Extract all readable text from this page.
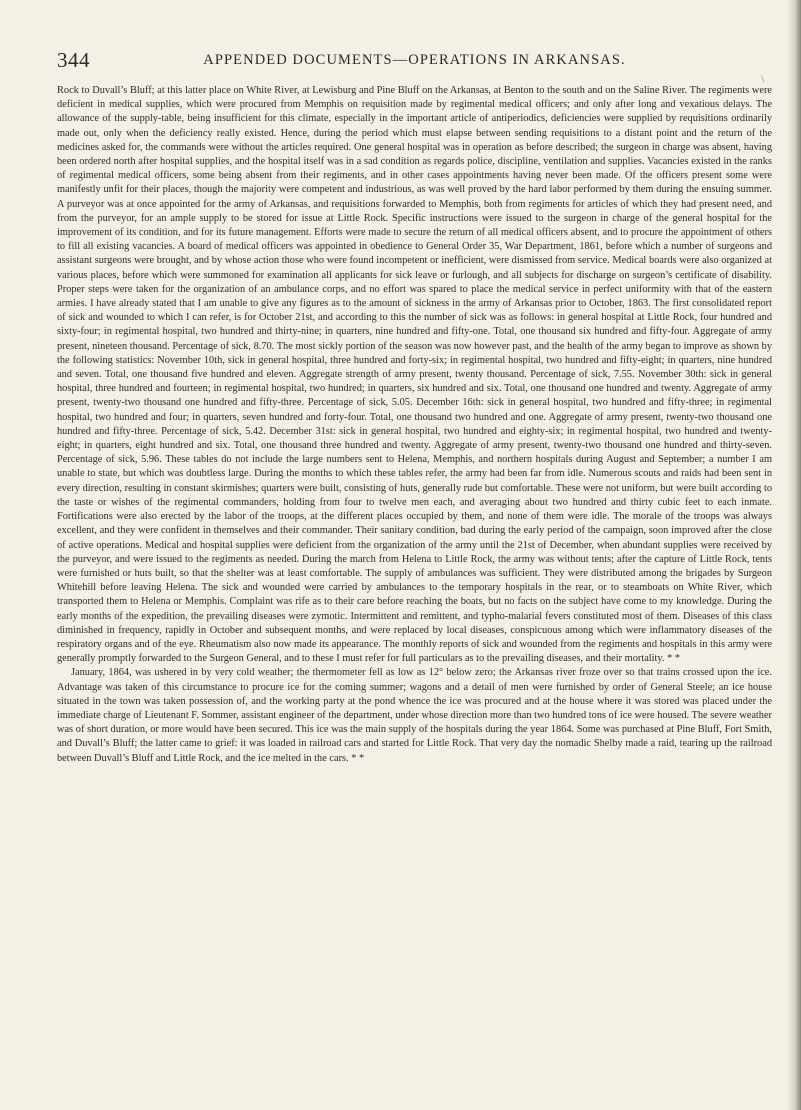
344	APPENDED DOCUMENTS—OPERATIONS IN ARKANSAS.
\

Rock to Duvall’s Bluff; at this latter place on White River, at Lewisburg and Pine Bluff on the Arkansas, at Benton to the south and on the Saline River. The regiments were deficient in medical supplies, which were procured from Memphis on requisition made by regimental medical officers; and only after long and vexatious delays. The allowance of the supply-table, being insufficient for this climate, especially in the important article of antiperiodics, deficiencies were supplied by requisitions ordinarily made out, only when the deficiency really existed. Hence, during the period which must elapse between sending requisitions to a distant point and the return of the medicines asked for, the commands were without the articles required. One general hospital was in operation as before described; the surgeon in charge was absent, having been ordered north after hospital supplies, and the hospital itself was in a sad condition as regards police, discipline, ventilation and supplies. Vacancies existed in the ranks of regimental medical officers, some being absent from their regiments, and in other cases appointments having never been made. Of the officers present some were manifestly unfit for their places, though the majority were competent and industrious, as was well proved by the hard labor performed by them during the ensuing summer. A purveyor was at once appointed for the army of Arkansas, and requisitions forwarded to Memphis, both from regiments for articles of which they had present need, and from the purveyor, for an ample supply to be stored for issue at Little Rock. Specific instructions were issued to the surgeon in charge of the general hospital for the improvement of its condition, and for its future management. Efforts were made to secure the return of all medical officers absent, and to procure the appointment of others to fill all existing vacancies. A board of medical officers was appointed in obedience to General Order 35, War Department, 1861, before which a number of surgeons and assistant surgeons were brought, and by whose action those who were found incompetent or inefficient, were dismissed from service. Medical boards were also organized at various places, before which were summoned for examination all applicants for sick leave or furlough, and all subjects for discharge on surgeon’s certificate of disability. Proper steps were taken for the organization of an ambulance corps, and no effort was spared to place the medical service in perfect uniformity with that of the eastern armies. I have already stated that I am unable to give any figures as to the amount of sickness in the army of Arkansas prior to October, 1863. The first consolidated report of sick and wounded to which I can refer, is for October 21st, and according to this the number of sick was as follows: in general hospital at Little Rock, four hundred and sixty-four; in regimental hospital, two hundred and thirty-nine; in quarters, nine hundred and fifty-one. Total, one thousand six hundred and fifty-four. Aggregate of army present, nineteen thousand. Percentage of sick, 8.70. The most sickly portion of the season was now however past, and the health of the army began to improve as shown by the following statistics: November 10th, sick in general hospital, three hundred and forty-six; in regimental hospital, two hundred and fifty-eight; in quarters, nine hundred and seven. Total, one thousand five hundred and eleven. Aggregate strength of army present, twenty thousand. Percentage of sick, 7.55. November 30th: sick in general hospital, three hundred and fourteen; in regimental hospital, two hundred; in quarters, six hundred and six. Total, one thousand one hundred and twenty. Aggregate of army present, twenty-two thousand one hundred and fifty-three. Percentage of sick, 5.05. December 16th: sick in general hospital, two hundred and fifty-three; in regimental hospital, two hundred and four; in quarters, seven hundred and forty-four. Total, one thousand two hundred and one. Aggregate of army present, twenty-two thousand one hundred and fifty-three. Percentage of sick, 5.42. December 31st: sick in general hospital, two hundred and eighty-six; in regimental hospital, two hundred and twenty-eight; in quarters, eight hundred and six. Total, one thousand three hundred and twenty. Aggregate of army present, twenty-two thousand one hundred and thirty-seven. Percentage of sick, 5.96. These tables do not include the large numbers sent to Helena, Memphis, and northern hospitals during August and September; a number I am unable to state, but which was doubtless large. During the months to which these tables refer, the army had been far from idle. Numerous scouts and raids had been sent in every direction, resulting in constant skirmishes; quarters were built, consisting of huts, generally rude but comfortable. These were not uniform, but were built according to the taste or wishes of the regimental commanders, holding from four to twelve men each, and averaging about two hundred and thirty cubic feet to each inmate. Fortifications were also erected by the labor of the troops, at the different places occupied by them, and none of them were idle. The morale of the troops was always excellent, and they were confident in themselves and their commander. Their sanitary condition, bad during the early period of the campaign, soon improved after the close of active operations. Medical and hospital supplies were deficient from the organization of the army until the 21st of December, when abundant supplies were received by the purveyor, and were issued to the regiments as needed. During the march from Helena to Little Rock, the army was without tents; after the capture of Little Rock, tents were furnished or huts built, so that the shelter was at least comfortable. The supply of ambulances was sufficient. They were distributed among the brigades by Surgeon Whitehill before leaving Helena. The sick and wounded were carried by ambulances to the temporary hospitals in the rear, or to steamboats on White River, which transported them to Helena or Memphis. Complaint was rife as to their care before reaching the boats, but no facts on the subject have come to my knowledge. During the early months of the expedition, the prevailing diseases were zymotic. Intermittent and remittent, and typho-malarial fevers constituted most of them. Diseases of this class diminished in frequency, rapidly in October and subsequent months, and were replaced by local diseases, conspicuous among which were inflammatory diseases of the respiratory organs and of the eye. Rheumatism also now made its appearance. The monthly reports of sick and wounded from the regiments and hospitals in this army were generally promptly forwarded to the Surgeon General, and to these I must refer for full particulars as to the prevailing diseases, and their mortality. * *

January, 1864, was ushered in by very cold weather; the thermometer fell as low as 12° below zero; the Arkansas river froze over so that trains crossed upon the ice. Advantage was taken of this circumstance to procure ice for the coming summer; wagons and a detail of men were furnished by order of General Steele; an ice house situated in the town was taken possession of, and the working party at the pond whence the ice was procured and at the house where it was stored was placed under the immediate charge of Lieutenant F. Sommer, assistant engineer of the department, under whose direction more than two hundred tons of ice were housed. The severe weather was of short duration, or more would have been secured. This ice was the main supply of the hospitals during the year 1864. Some was purchased at Pine Bluff, Fort Smith, and Duvall’s Bluff; the latter came to grief: it was loaded in railroad cars and started for Little Rock. That very day the nomadic Shelby made a raid, tearing up the railroad between Duvall’s Bluff and Little Rock, and the ice melted in the cars. * *
